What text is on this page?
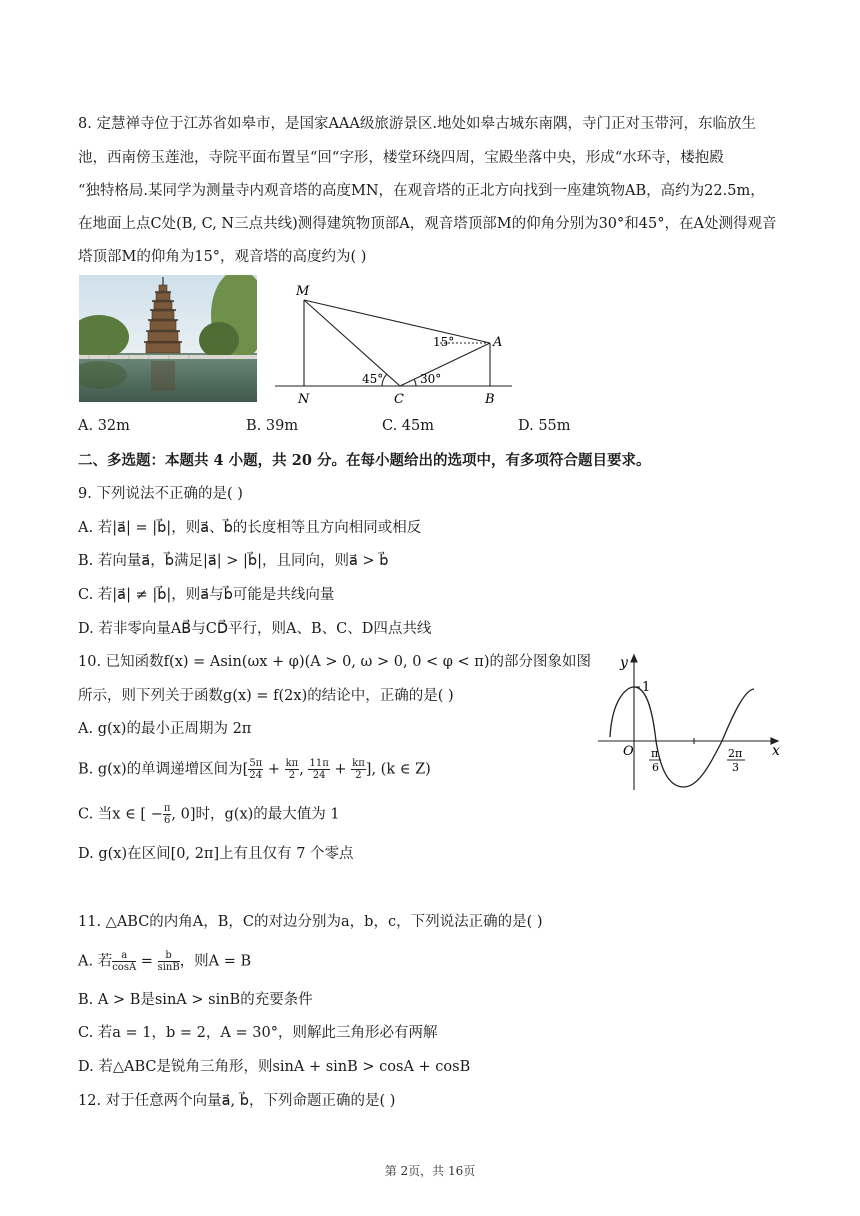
8. 定慧禅寺位于江苏省如皋市，是国家AAA级旅游景区.地处如皋古城东南隅，寺门正对玉带河，东临放生
池，西南傍玉莲池，寺院平面布置呈“回“字形，楼堂环绕四周，宝殿坐落中央，形成“水环寺，楼抱殿
“独特格局.某同学为测量寺内观音塔的高度MN，在观音塔的正北方向找到一座建筑物AB，高约为22.5m，
在地面上点C处(B, C, N三点共线)测得建筑物顶部A，观音塔顶部M的仰角分别为30°和45°，在A处测得观音
塔顶部M的仰角为15°，观音塔的高度约为( )
M
N	C	B
A
45°	30°
15°
A. 32m	B. 39m	C. 45m	D. 55m
二、多选题：本题共 4 小题，共 20 分。在每小题给出的选项中，有多项符合题目要求。
9. 下列说法不正确的是( )
A. 若|a⃗| = |b⃗|，则a⃗、b⃗的长度相等且方向相同或相反
B. 若向量a⃗，b⃗满足|a⃗| > |b⃗|，且同向，则a⃗ > b⃗
C. 若|a⃗| ≠ |b⃗|，则a⃗与b⃗可能是共线向量
D. 若非零向量AB⃗与CD⃗平行，则A、B、C、D四点共线
10. 已知函数f(x) = Asin(ωx + φ)(A > 0, ω > 0, 0 < φ < π)的部分图象如图
所示，则下列关于函数g(x) = f(2x)的结论中，正确的是( )
A. g(x)的最小正周期为 2π
B. g(x)的单调递增区间为[ $\frac{5\pi}{24} + \frac{k\pi}{2}$ , $\frac{11\pi}{24} + \frac{k\pi}{2}$ ], (k ∈ Z)
C. 当x ∈ [ − $\frac{\pi}{6}$ , 0]时，g(x)的最大值为 1
D. g(x)在区间[0, 2π]上有且仅有 7 个零点
y
x
O
1
π
6
2π
3
11. △ABC的内角A，B，C的对边分别为a，b，c，下列说法正确的是( )
A. 若 $\frac{a}{\cos A} = \frac{b}{\sin B}$ ，则A = B
B. A > B是sinA > sinB的充要条件
C. 若a = 1，b = 2，A = 30°，则解此三角形必有两解
D. 若△ABC是锐角三角形，则sinA + sinB > cosA + cosB
12. 对于任意两个向量a⃗, b⃗，下列命题正确的是( )
第 2页，共 16页
